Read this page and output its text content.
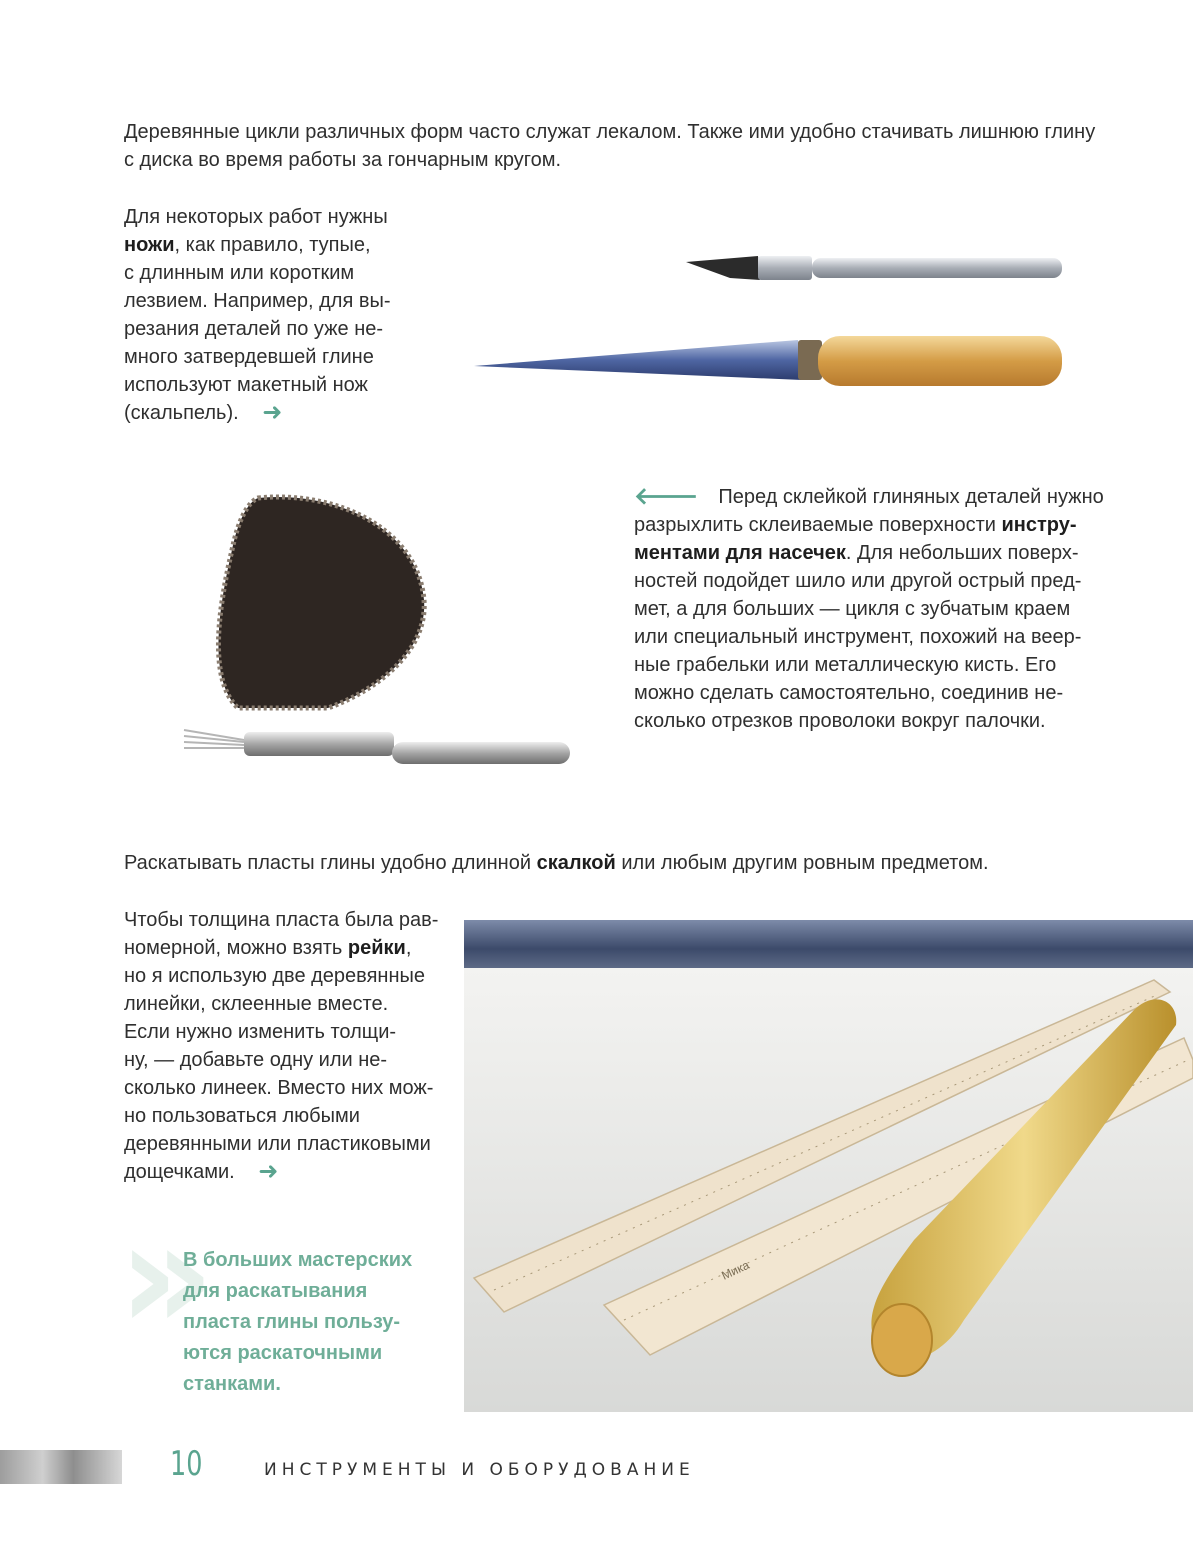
Деревянные цикли различных форм часто служат лекалом. Также ими удобно стачивать лишнюю глину
с диска во время работы за гончарным кругом.

Для некоторых работ нужны
ножи, как правило, тупые,
с длинным или коротким
лезвием. Например, для вы-
резания деталей по уже не-
много затвердевшей глине
используют макетный нож
(скальпель). ➜

🡐 Перед склейкой глиняных деталей нужно
разрыхлить склеиваемые поверхности инстру-
ментами для насечек. Для небольших поверх-
ностей подойдет шило или другой острый пред-
мет, а для больших — цикля с зубчатым краем
или специальный инструмент, похожий на веер-
ные грабельки или металлическую кисть. Его
можно сделать самостоятельно, соединив не-
сколько отрезков проволоки вокруг палочки.

Раскатывать пласты глины удобно длинной скалкой или любым другим ровным предметом.

Чтобы толщина пласта была рав-
номерной, можно взять рейки,
но я использую две деревянные
линейки, склеенные вместе.
Если нужно изменить толщи-
ну, — добавьте одну или не-
сколько линеек. Вместо них мож-
но пользоваться любыми
деревянными или пластиковыми
дощечками. ➜

»

В больших мастерских
для раскатывания
пласта глины пользу-
ются раскаточными
станками.

Мика
10	ИНСТРУМЕНТЫ И ОБОРУДОВАНИЕ
